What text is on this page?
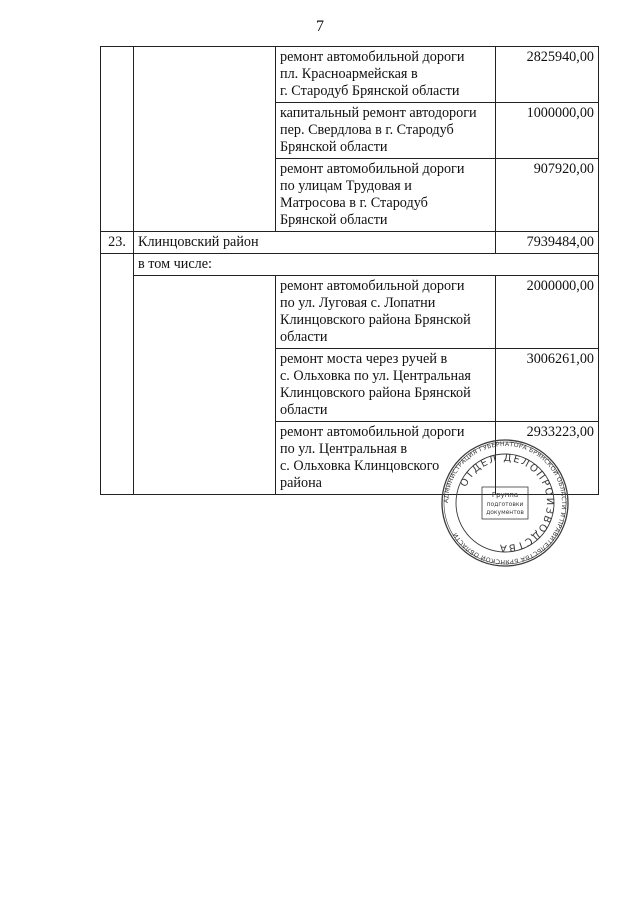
7
		ремонт автомобильной дороги
пл. Красноармейская в
г. Стародуб Брянской области	2825940,00
		капитальный ремонт автодороги
пер. Свердлова в г. Стародуб
Брянской области	1000000,00
		ремонт автомобильной дороги
по улицам Трудовая и
Матросова в г. Стародуб
Брянской области	907920,00
23.	Клинцовский район		7939484,00
	в том числе:		
		ремонт автомобильной дороги
по ул. Луговая с. Лопатни
Клинцовского района Брянской
области	2000000,00
		ремонт моста через ручей в
с. Ольховка по ул. Центральная
Клинцовского района Брянской
области	3006261,00
		ремонт автомобильной дороги
по ул. Центральная в
с. Ольховка Клинцовского
района	2933223,00
АДМИНИСТРАЦИЯ ГУБЕРНАТОРА БРЯНСКОЙ ОБЛАСТИ И ПРАВИТЕЛЬСТВА БРЯНСКОЙ ОБЛАСТИ
ОТДЕЛ ДЕЛОПРОИЗВОДСТВА
Группа
подготовки
документов
